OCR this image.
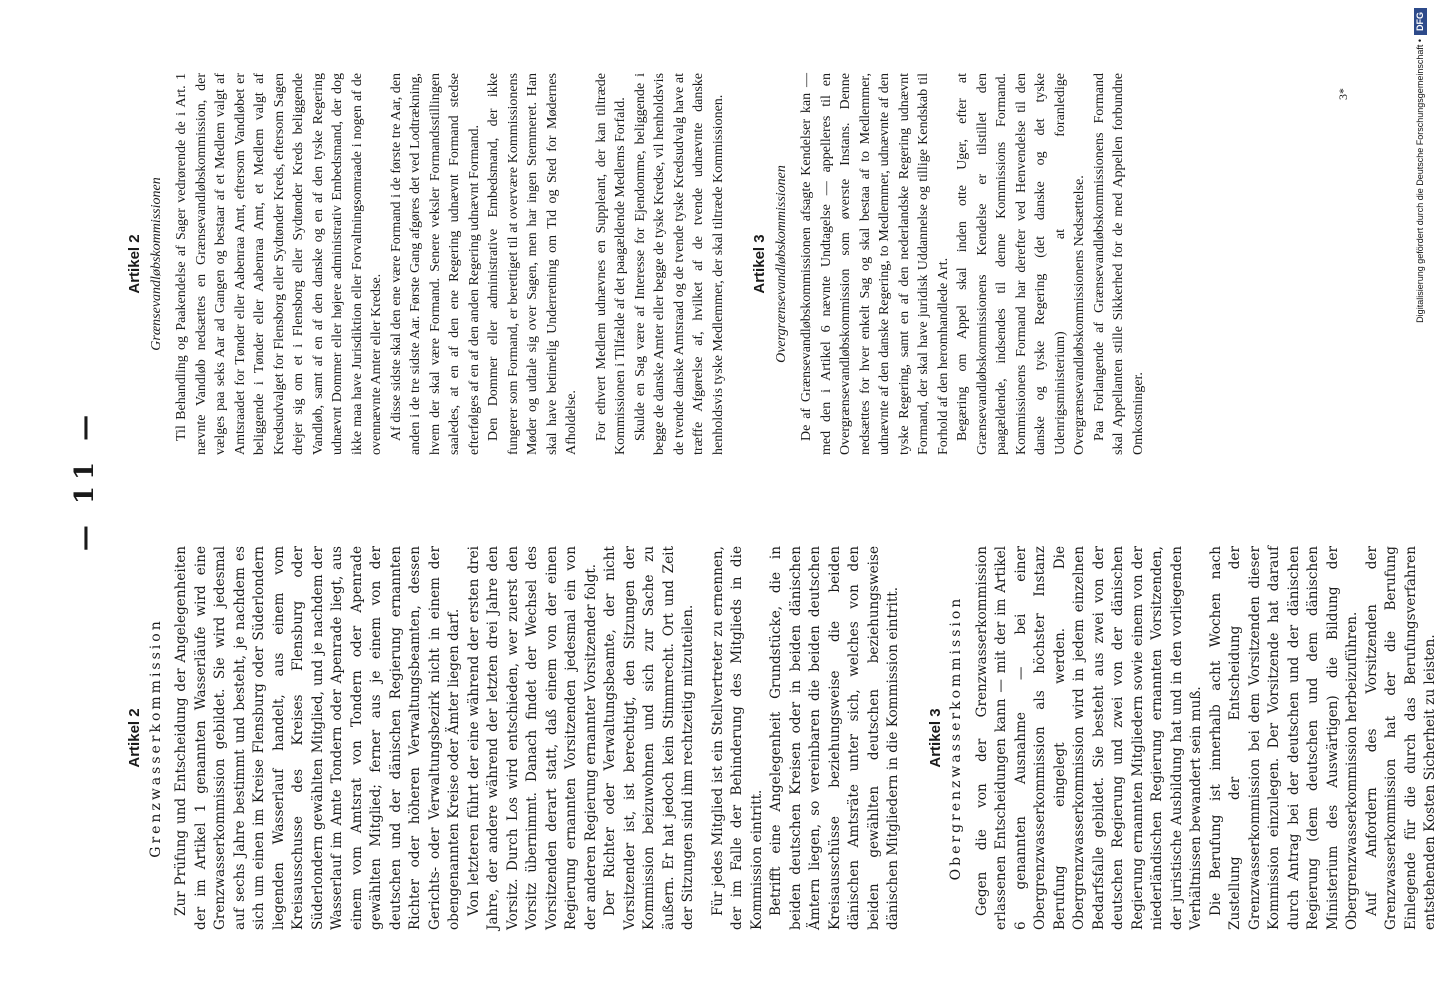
— 11 —
Artikel 2 Grenzwasserkommission Zur Prüfung und Entscheidung der Angelegenheiten der im Artikel 1 genannten Wasserläufe wird eine Grenzwasserkommission gebildet. Sie wird jedesmal auf sechs Jahre bestimmt und besteht, je nachdem es sich um einen im Kreise Flensburg oder Süderlondern liegenden Wasserlauf handelt, aus einem vom Kreisausschusse des Kreises Flensburg oder Süderlondern gewählten Mitglied, und je nachdem der Wasserlauf im Amte Tondern oder Apenrade liegt, aus einem vom Amtsrat von Tondern oder Apenrade gewählten Mitglied; ferner aus je einem von der deutschen und der dänischen Regierung ernannten Richter oder höheren Verwaltungsbeamten, dessen Gerichts- oder Verwaltungsbezirk nicht in einem der obengenannten Kreise oder Ämter liegen darf. Von letzteren führt der eine während der ersten drei Jahre, der andere während der letzten drei Jahre den Vorsitz. Durch Los wird entschieden, wer zuerst den Vorsitz übernimmt. Danach findet der Wechsel des Vorsitzenden derart statt, daß einem von der einen Regierung ernannten Vorsitzenden jedesmal ein von der anderen Regierung ernannter Vorsitzender folgt. Der Richter oder Verwaltungsbeamte, der nicht Vorsitzender ist, ist berechtigt, den Sitzungen der Kommission beizuwohnen und sich zur Sache zu äußern. Er hat jedoch kein Stimmrecht. Ort und Zeit der Sitzungen sind ihm rechtzeitig mitzuteilen. Für jedes Mitglied ist ein Stellvertreter zu ernennen, der im Falle der Behinderung des Mitglieds in die Kommission eintritt. Betrifft eine Angelegenheit Grundstücke, die in beiden deutschen Kreisen oder in beiden dänischen Ämtern liegen, so vereinbaren die beiden deutschen Kreisausschüsse beziehungsweise die beiden dänischen Amtsräte unter sich, welches von den beiden gewählten deutschen beziehungsweise dänischen Mitgliedern in die Kommission eintritt. Artikel 3 Obergrenzwasserkommission Gegen die von der Grenzwasserkommission erlassenen Entscheidungen kann — mit der im Artikel 6 genannten Ausnahme — bei einer Obergrenzwasserkommission als höchster Instanz Berufung eingelegt werden. Die Obergrenzwasserkommission wird in jedem einzelnen Bedarfsfalle gebildet. Sie besteht aus zwei von der deutschen Regierung und zwei von der dänischen Regierung ernannten Mitgliedern sowie einem von der niederländischen Regierung ernannten Vorsitzenden, der juristische Ausbildung hat und in den vorliegenden Verhältnissen bewandert sein muß. Die Berufung ist innerhalb acht Wochen nach Zustellung der Entscheidung der Grenzwasserkommission bei dem Vorsitzenden dieser Kommission einzulegen. Der Vorsitzende hat darauf durch Antrag bei der deutschen und der dänischen Regierung (dem deutschen und dem dänischen Ministerium des Auswärtigen) die Bildung der Obergrenzwasserkommission herbeizuführen. Auf Anfordern des Vorsitzenden der Grenzwasserkommission hat der die Berufung Einlegende für die durch das Berufungsverfahren entstehenden Kosten Sicherheit zu leisten.

Artikel 2 Grænsevandløbskommissionen Til Behandling og Paakendelse af Sager vedrørende de i Art. 1 nævnte Vandløb nedsættes en Grænsevandløbskommission, der vælges paa seks Aar ad Gangen og bestaar af et Medlem valgt af Amtsraadet for Tønder eller Aabenraa Amt, eftersom Vandløbet er beliggende i Tønder eller Aabenraa Amt, et Medlem valgt af Kredsudvalget for Flensborg eller Sydtønder Kreds, eftersom Sagen drejer sig om et i Flensborg eller Sydtønder Kreds beliggende Vandløb, samt af en af den danske og en af den tyske Regering udnævnt Dommer eller højere administrativ Embedsmand, der dog ikke maa have Jurisdiktion eller Forvaltningsomraade i nogen af de ovennævnte Amter eller Kredse. Af disse sidste skal den ene være Formand i de første tre Aar, den anden i de tre sidste Aar. Første Gang afgøres det ved Lodtrækning, hvem der skal være Formand. Senere veksler Formandsstillingen saaledes, at en af den ene Regering udnævnt Formand stedse efterfølges af en af den anden Regering udnævnt Formand. Den Dommer eller administrative Embedsmand, der ikke fungerer som Formand, er berettiget til at overvære Kommissionens Møder og udtale sig over Sagen, men har ingen Stemmeret. Han skal have betimelig Underretning om Tid og Sted for Mødernes Afholdelse. For ethvert Medlem udnævnes en Suppleant, der kan tiltræde Kommissionen i Tilfælde af det paagældende Medlems Forfald. Skulde en Sag være af Interesse for Ejendomme, beliggende i begge de danske Amter eller begge de tyske Kredse, vil henholdsvis de tvende danske Amtsraad og de tvende tyske Kredsudvalg have at træffe Afgørelse af, hvilket af de tvende udnævnte danske henholdsvis tyske Medlemmer, der skal tiltræde Kommissionen. Artikel 3 Overgrænsevandløbskommissionen De af Grænsevandløbskommissionen afsagte Kendelser kan — med den i Artikel 6 nævnte Undtagelse — appelleres til en Overgrænsevandløbskommission som øverste Instans. Denne nedsættes for hver enkelt Sag og skal bestaa af to Medlemmer, udnævnte af den danske Regering, to Medlemmer, udnævnte af den tyske Regering, samt en af den nederlandske Regering udnævnt Formand, der skal have juridisk Uddannelse og tillige Kendskab til Forhold af den heromhandlede Art. Begæring om Appel skal inden otte Uger, efter at Grænsevandløbskommissionens Kendelse er tilstillet den paagældende, indsendes til denne Kommissions Formand. Kommissionens Formand har derefter ved Henvendelse til den danske og tyske Regering (det danske og det tyske Udenrigsministerium) at foranledige Overgrænsevandløbskommissionens Nedsættelse. Paa Forlangende af Grænsevandløbskommissionens Formand skal Appellanten stille Sikkerhed for de med Appellen forbundne Omkostninger.

3*	Digitalisierung gefördert durch die Deutsche Forschungsgemeinschaft •
DFG
